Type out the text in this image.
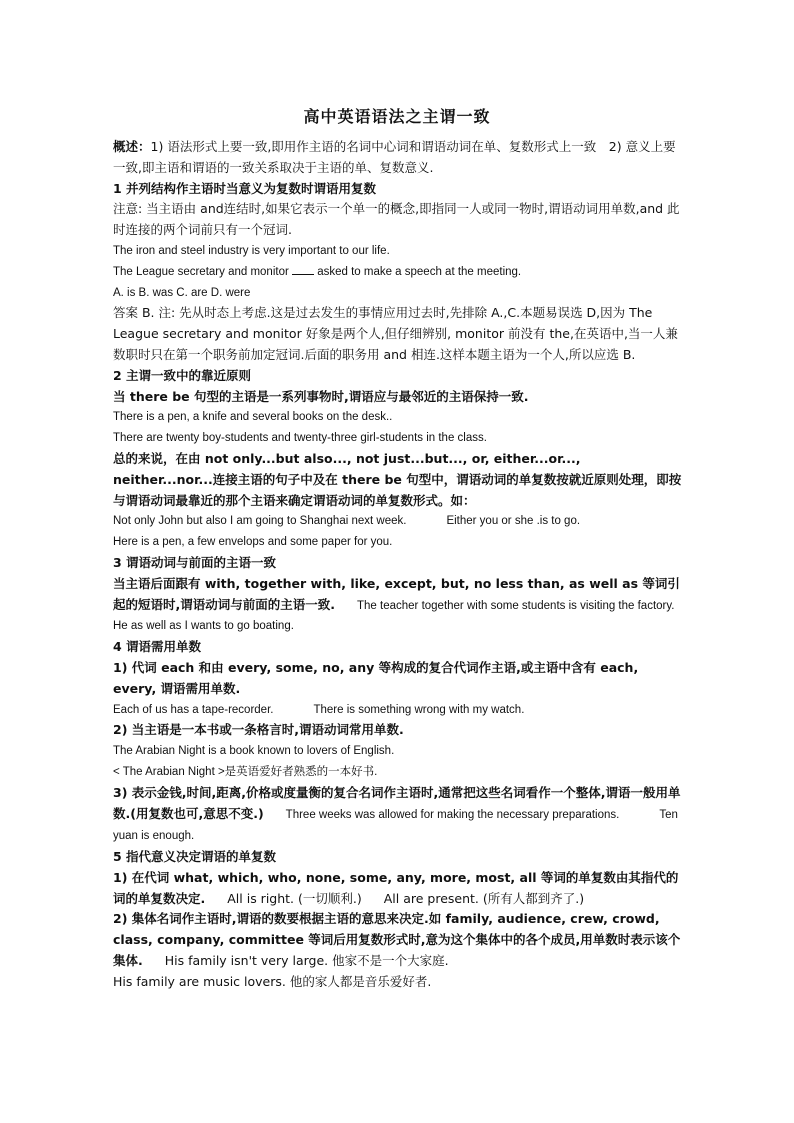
高中英语语法之主谓一致

概述：1) 语法形式上要一致,即用作主语的名词中心词和谓语动词在单、复数形式上一致　2) 意义上要一致,即主语和谓语的一致关系取决于主语的单、复数意义.

1 并列结构作主语时当意义为复数时谓语用复数

注意: 当主语由 and连结时,如果它表示一个单一的概念,即指同一人或同一物时,谓语动词用单数,and 此时连接的两个词前只有一个冠词.

The iron and steel industry is very important to our life.

The League secretary and monitor  asked to make a speech at the meeting.

A. is B. was C. are D. were

答案 B. 注: 先从时态上考虑.这是过去发生的事情应用过去时,先排除 A.,C.本题易误选 D,因为 The League secretary and monitor 好象是两个人,但仔细辨别, monitor 前没有 the,在英语中,当一人兼数职时只在第一个职务前加定冠词.后面的职务用 and 相连.这样本题主语为一个人,所以应选 B.

2 主谓一致中的靠近原则

当 there be 句型的主语是一系列事物时,谓语应与最邻近的主语保持一致.

There is a pen, a knife and several books on the desk..

There are twenty boy-students and twenty-three girl-students in the class.

总的来说，在由 not only...but also..., not just...but..., or, either...or..., neither...nor...连接主语的句子中及在 there be 句型中，谓语动词的单复数按就近原则处理，即按与谓语动词最靠近的那个主语来确定谓语动词的单复数形式。如：

Not only John but also I am going to Shanghai next week.	Either you or she .is to go.

Here is a pen, a few envelops and some paper for you.

3 谓语动词与前面的主语一致

当主语后面跟有 with, together with, like, except, but, no less than, as well as 等词引起的短语时,谓语动词与前面的主语一致. The teacher together with some students is visiting the factory.

He as well as I wants to go boating.

4 谓语需用单数

1) 代词 each 和由 every, some, no, any 等构成的复合代词作主语,或主语中含有 each, every, 谓语需用单数.

Each of us has a tape-recorder.	There is something wrong with my watch.

2) 当主语是一本书或一条格言时,谓语动词常用单数.

The Arabian Night is a book known to lovers of English.

< The Arabian Night >是英语爱好者熟悉的一本好书.

3) 表示金钱,时间,距离,价格或度量衡的复合名词作主语时,通常把这些名词看作一个整体,谓语一般用单数.(用复数也可,意思不变.) Three weeks was allowed for making the necessary preparations.	Ten yuan is enough.

5 指代意义决定谓语的单复数

1) 在代词 what, which, who, none, some, any, more, most, all 等词的单复数由其指代的词的单复数决定. All is right. (一切顺利.) All are present. (所有人都到齐了.)

2) 集体名词作主语时,谓语的数要根据主语的意思来决定.如 family, audience, crew, crowd, class, company, committee 等词后用复数形式时,意为这个集体中的各个成员,用单数时表示该个集体. His family isn't very large. 他家不是一个大家庭.

His family are music lovers. 他的家人都是音乐爱好者.
